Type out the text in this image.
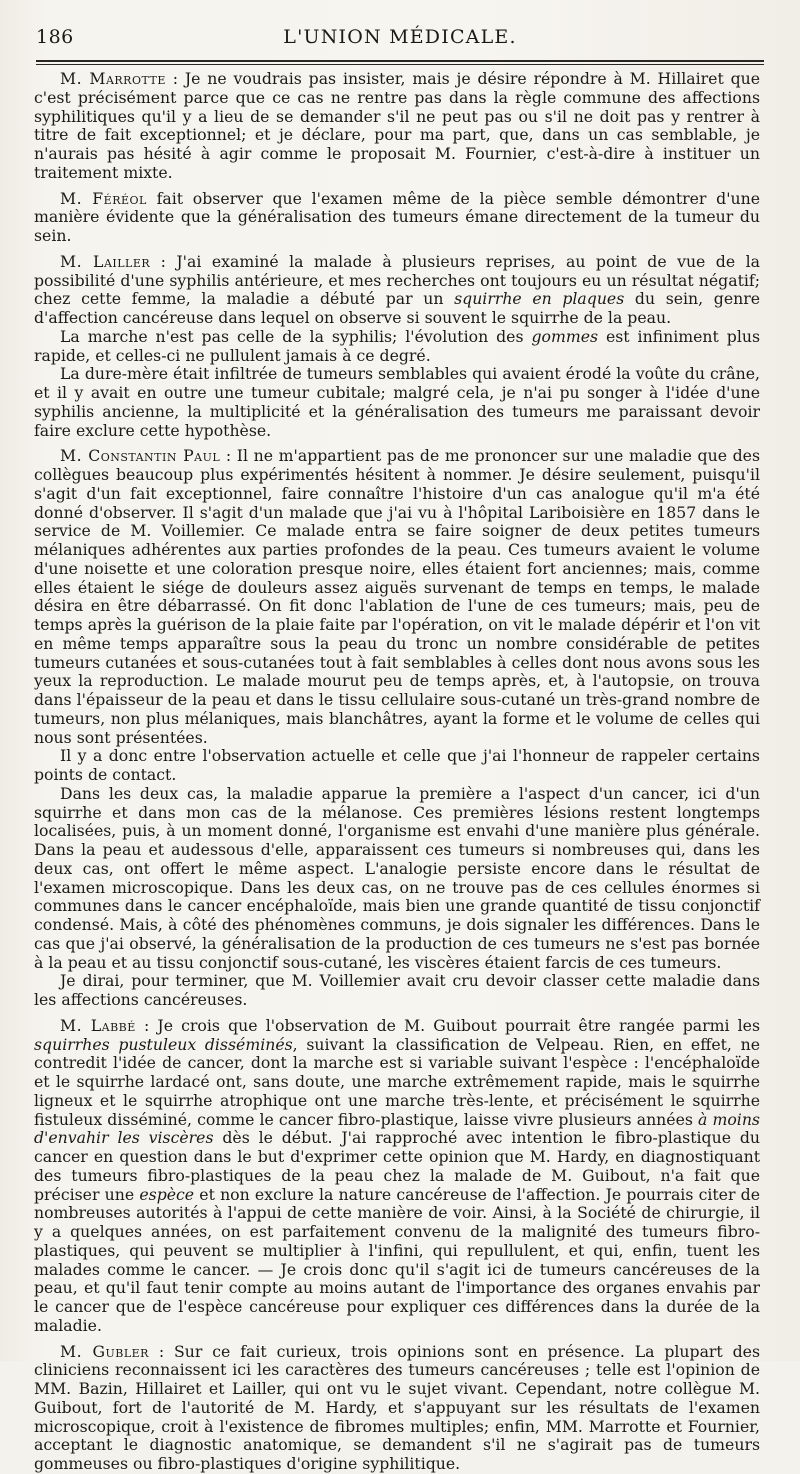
186	L'UNION MÉDICALE.

M. Marrotte : Je ne voudrais pas insister, mais je désire répondre à M. Hillairet que c'est précisément parce que ce cas ne rentre pas dans la règle commune des affections syphilitiques qu'il y a lieu de se demander s'il ne peut pas ou s'il ne doit pas y rentrer à titre de fait exceptionnel; et je déclare, pour ma part, que, dans un cas semblable, je n'aurais pas hésité à agir comme le proposait M. Fournier, c'est-à-dire à instituer un traitement mixte.

M. Féréol fait observer que l'examen même de la pièce semble démontrer d'une manière évidente que la généralisation des tumeurs émane directement de la tumeur du sein.

M. Lailler : J'ai examiné la malade à plusieurs reprises, au point de vue de la possibilité d'une syphilis antérieure, et mes recherches ont toujours eu un résultat négatif; chez cette femme, la maladie a débuté par un squirrhe en plaques du sein, genre d'affection cancéreuse dans lequel on observe si souvent le squirrhe de la peau.

La marche n'est pas celle de la syphilis; l'évolution des gommes est infiniment plus rapide, et celles-ci ne pullulent jamais à ce degré.

La dure-mère était infiltrée de tumeurs semblables qui avaient érodé la voûte du crâne, et il y avait en outre une tumeur cubitale; malgré cela, je n'ai pu songer à l'idée d'une syphilis ancienne, la multiplicité et la généralisation des tumeurs me paraissant devoir faire exclure cette hypothèse.

M. Constantin Paul : Il ne m'appartient pas de me prononcer sur une maladie que des collègues beaucoup plus expérimentés hésitent à nommer. Je désire seulement, puisqu'il s'agit d'un fait exceptionnel, faire connaître l'histoire d'un cas analogue qu'il m'a été donné d'observer. Il s'agit d'un malade que j'ai vu à l'hôpital Lariboisière en 1857 dans le service de M. Voillemier. Ce malade entra se faire soigner de deux petites tumeurs mélaniques adhérentes aux parties profondes de la peau. Ces tumeurs avaient le volume d'une noisette et une coloration presque noire, elles étaient fort anciennes; mais, comme elles étaient le siége de douleurs assez aiguës survenant de temps en temps, le malade désira en être débarrassé. On fit donc l'ablation de l'une de ces tumeurs; mais, peu de temps après la guérison de la plaie faite par l'opération, on vit le malade dépérir et l'on vit en même temps apparaître sous la peau du tronc un nombre considérable de petites tumeurs cutanées et sous-cutanées tout à fait semblables à celles dont nous avons sous les yeux la reproduction. Le malade mourut peu de temps après, et, à l'autopsie, on trouva dans l'épaisseur de la peau et dans le tissu cellulaire sous-cutané un très-grand nombre de tumeurs, non plus mélaniques, mais blanchâtres, ayant la forme et le volume de celles qui nous sont présentées.

Il y a donc entre l'observation actuelle et celle que j'ai l'honneur de rappeler certains points de contact.

Dans les deux cas, la maladie apparue la première a l'aspect d'un cancer, ici d'un squirrhe et dans mon cas de la mélanose. Ces premières lésions restent longtemps localisées, puis, à un moment donné, l'organisme est envahi d'une manière plus générale. Dans la peau et audessous d'elle, apparaissent ces tumeurs si nombreuses qui, dans les deux cas, ont offert le même aspect. L'analogie persiste encore dans le résultat de l'examen microscopique. Dans les deux cas, on ne trouve pas de ces cellules énormes si communes dans le cancer encéphaloïde, mais bien une grande quantité de tissu conjonctif condensé. Mais, à côté des phénomènes communs, je dois signaler les différences. Dans le cas que j'ai observé, la généralisation de la production de ces tumeurs ne s'est pas bornée à la peau et au tissu conjonctif sous-cutané, les viscères étaient farcis de ces tumeurs.

Je dirai, pour terminer, que M. Voillemier avait cru devoir classer cette maladie dans les affections cancéreuses.

M. Labbé : Je crois que l'observation de M. Guibout pourrait être rangée parmi les squirrhes pustuleux disséminés, suivant la classification de Velpeau. Rien, en effet, ne contredit l'idée de cancer, dont la marche est si variable suivant l'espèce : l'encéphaloïde et le squirrhe lardacé ont, sans doute, une marche extrêmement rapide, mais le squirrhe ligneux et le squirrhe atrophique ont une marche très-lente, et précisément le squirrhe fistuleux disséminé, comme le cancer fibro-plastique, laisse vivre plusieurs années à moins d'envahir les viscères dès le début. J'ai rapproché avec intention le fibro-plastique du cancer en question dans le but d'exprimer cette opinion que M. Hardy, en diagnostiquant des tumeurs fibro-plastiques de la peau chez la malade de M. Guibout, n'a fait que préciser une espèce et non exclure la nature cancéreuse de l'affection. Je pourrais citer de nombreuses autorités à l'appui de cette manière de voir. Ainsi, à la Société de chirurgie, il y a quelques années, on est parfaitement convenu de la malignité des tumeurs fibro-plastiques, qui peuvent se multiplier à l'infini, qui repullulent, et qui, enfin, tuent les malades comme le cancer. — Je crois donc qu'il s'agit ici de tumeurs cancéreuses de la peau, et qu'il faut tenir compte au moins autant de l'importance des organes envahis par le cancer que de l'espèce cancéreuse pour expliquer ces différences dans la durée de la maladie.

M. Gubler : Sur ce fait curieux, trois opinions sont en présence. La plupart des cliniciens reconnaissent ici les caractères des tumeurs cancéreuses ; telle est l'opinion de MM. Bazin, Hillairet et Lailler, qui ont vu le sujet vivant. Cependant, notre collègue M. Guibout, fort de l'autorité de M. Hardy, et s'appuyant sur les résultats de l'examen microscopique, croit à l'existence de fibromes multiples; enfin, MM. Marrotte et Fournier, acceptant le diagnostic anatomique, se demandent s'il ne s'agirait pas de tumeurs gommeuses ou fibro-plastiques d'origine syphilitique.
